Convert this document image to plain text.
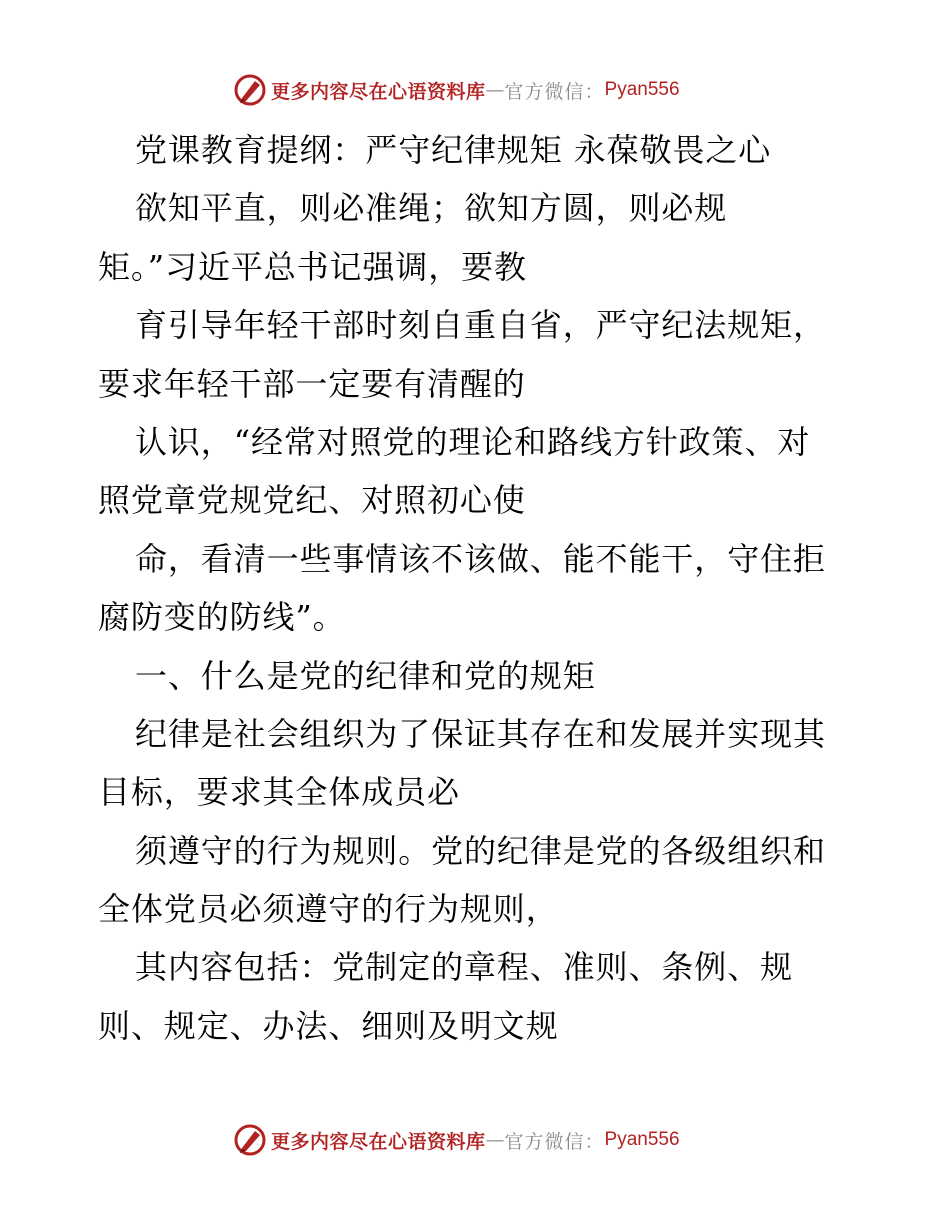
更多内容尽在心语资料库 — 官方微信： Pyan556

党课教育提纲：严守纪律规矩 永葆敬畏之心

欲知平直，则必准绳；欲知方圆，则必规

矩。”习近平总书记强调，要教

育引导年轻干部时刻自重自省，严守纪法规矩，

要求年轻干部一定要有清醒的

认识，“经常对照党的理论和路线方针政策、对

照党章党规党纪、对照初心使

命，看清一些事情该不该做、能不能干，守住拒

腐防变的防线”。

一、什么是党的纪律和党的规矩

纪律是社会组织为了保证其存在和发展并实现其

目标，要求其全体成员必

须遵守的行为规则。党的纪律是党的各级组织和

全体党员必须遵守的行为规则，

其内容包括：党制定的章程、准则、条例、规

则、规定、办法、细则及明文规

更多内容尽在心语资料库 — 官方微信： Pyan556
